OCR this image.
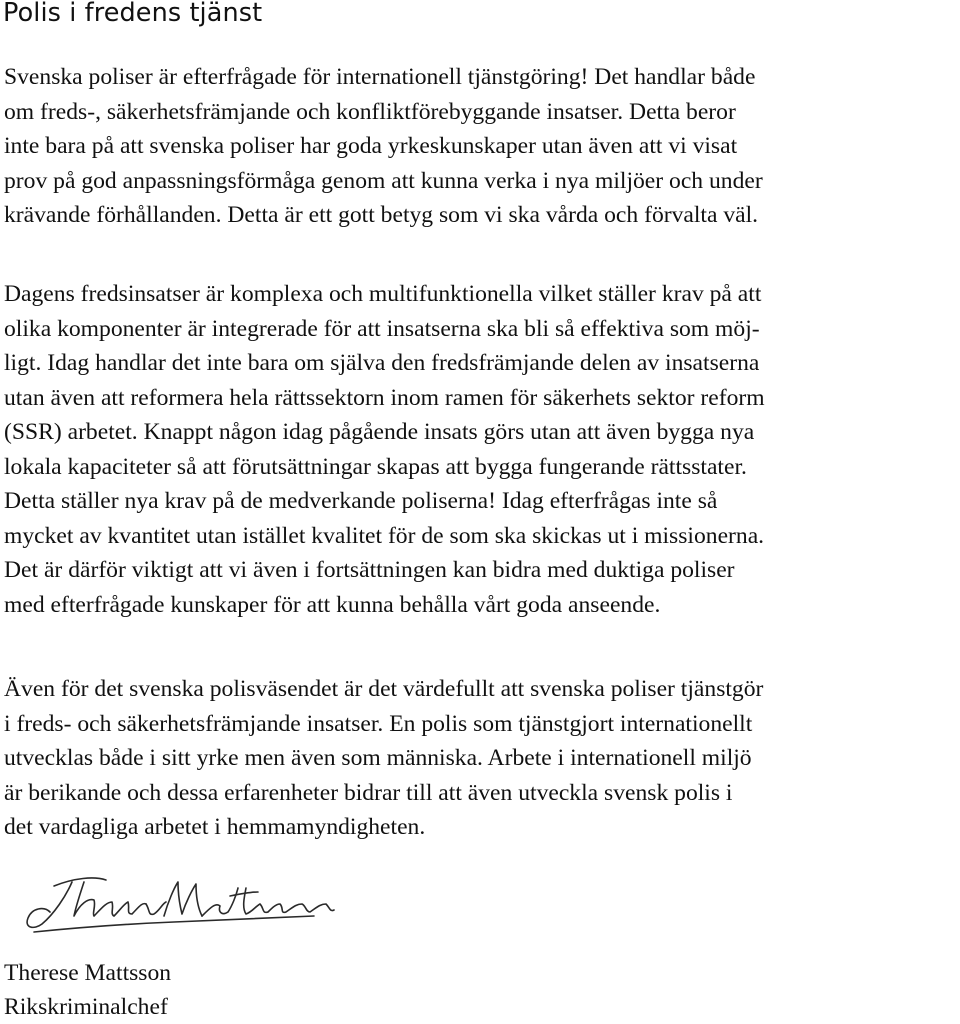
Polis i fredens tjänst
Svenska poliser är efterfrågade för internationell tjänstgöring! Det handlar både
om freds-, säkerhetsfrämjande och konfliktförebyggande insatser. Detta beror
inte bara på att svenska poliser har goda yrkeskunskaper utan även att vi visat
prov på god anpassningsförmåga genom att kunna verka i nya miljöer och under
krävande förhållanden. Detta är ett gott betyg som vi ska vårda och förvalta väl.
Dagens fredsinsatser är komplexa och multifunktionella vilket ställer krav på att
olika komponenter är integrerade för att insatserna ska bli så effektiva som möj-
ligt. Idag handlar det inte bara om själva den fredsfrämjande delen av insatserna
utan även att reformera hela rättssektorn inom ramen för säkerhets sektor reform
(SSR) arbetet. Knappt någon idag pågående insats görs utan att även bygga nya
lokala kapaciteter så att förutsättningar skapas att bygga fungerande rättsstater.
Detta ställer nya krav på de medverkande poliserna! Idag efterfrågas inte så
mycket av kvantitet utan istället kvalitet för de som ska skickas ut i missionerna.
Det är därför viktigt att vi även i fortsättningen kan bidra med duktiga poliser
med efterfrågade kunskaper för att kunna behålla vårt goda anseende.
Även för det svenska polisväsendet är det värdefullt att svenska poliser tjänstgör
i freds- och säkerhetsfrämjande insatser. En polis som tjänstgjort internationellt
utvecklas både i sitt yrke men även som människa. Arbete i internationell miljö
är berikande och dessa erfarenheter bidrar till att även utveckla svensk polis i
det vardagliga arbetet i hemmamyndigheten.
Therese Mattsson
Rikskriminalchef
